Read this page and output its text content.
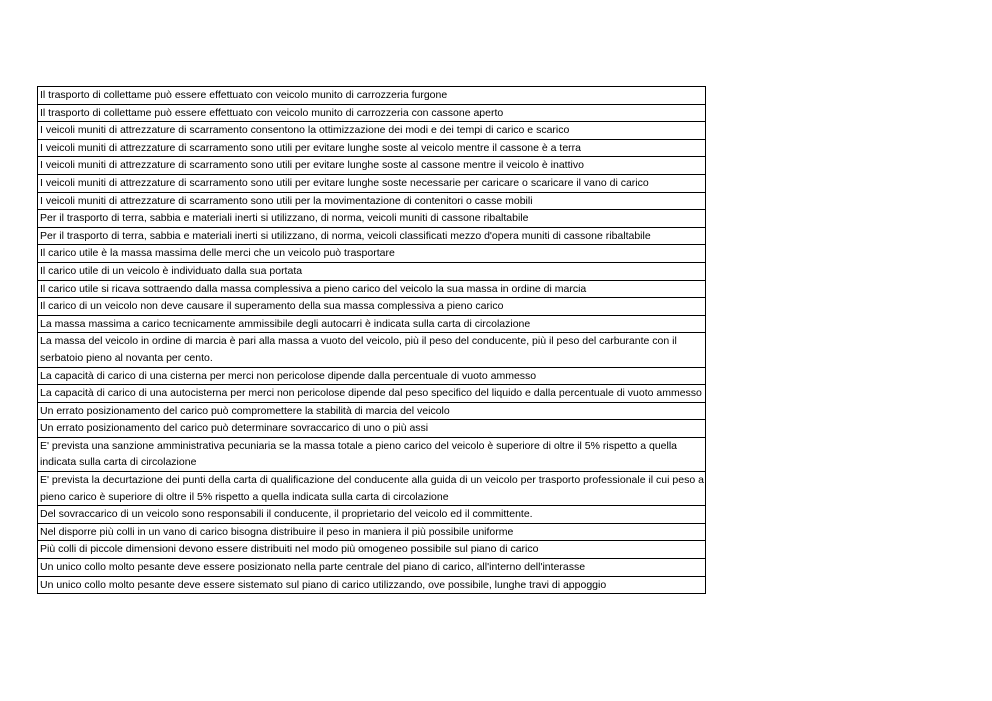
Il trasporto di collettame può essere effettuato con veicolo munito di carrozzeria furgone
Il trasporto di collettame può essere effettuato con veicolo munito di carrozzeria con cassone aperto
I veicoli muniti di attrezzature di scarramento consentono la ottimizzazione dei modi e dei tempi di carico e scarico
I veicoli muniti di attrezzature di scarramento sono utili per evitare lunghe soste al veicolo mentre il cassone è a terra
I veicoli muniti di attrezzature di scarramento sono utili per evitare lunghe soste al cassone mentre il veicolo è inattivo
I veicoli muniti di attrezzature di scarramento sono utili per evitare lunghe soste necessarie per caricare o scaricare il vano di carico
I veicoli muniti di attrezzature di scarramento sono utili per la movimentazione di contenitori o casse mobili
Per il trasporto di terra, sabbia e materiali inerti si utilizzano, di norma, veicoli muniti di cassone ribaltabile
Per il trasporto di terra, sabbia e materiali inerti si utilizzano, di norma, veicoli classificati mezzo d'opera muniti di cassone ribaltabile
Il carico utile è la massa massima delle merci che un veicolo può trasportare
Il carico utile di un veicolo è individuato dalla sua portata
Il carico utile si ricava sottraendo dalla massa complessiva a pieno carico del veicolo la sua massa in ordine di marcia
Il carico di un veicolo non deve causare il superamento della sua massa complessiva a pieno carico
La massa massima a carico tecnicamente ammissibile degli autocarri è indicata sulla carta di circolazione
La massa del veicolo in ordine di marcia è pari alla massa a vuoto del veicolo, più il peso del conducente, più il peso del carburante con il serbatoio pieno al novanta per cento.
La capacità di carico di una cisterna per merci non pericolose dipende dalla percentuale di vuoto ammesso
La capacità di carico di una autocisterna per merci non pericolose dipende dal peso specifico del liquido e dalla percentuale di vuoto ammesso
Un errato posizionamento del carico può compromettere la stabilità di marcia del veicolo
Un errato posizionamento del carico può determinare sovraccarico di uno o più assi
E' prevista una sanzione amministrativa pecuniaria se la massa totale a pieno carico del veicolo è superiore di oltre il 5% rispetto a quella indicata sulla carta di circolazione
E' prevista la decurtazione dei punti della carta di qualificazione del conducente alla guida di un veicolo per trasporto professionale il cui peso a pieno carico è superiore di oltre il 5% rispetto a quella indicata sulla carta di circolazione
Del sovraccarico di un veicolo sono responsabili il conducente, il proprietario del veicolo ed il committente.
Nel disporre più colli in un vano di carico bisogna distribuire il peso in maniera il più possibile uniforme
Più colli di piccole dimensioni devono essere distribuiti nel modo più omogeneo possibile sul piano di carico
Un unico collo molto pesante deve essere posizionato nella parte centrale del piano di carico, all'interno dell'interasse
Un unico collo molto pesante deve essere sistemato sul piano di carico utilizzando, ove possibile, lunghe travi di appoggio
